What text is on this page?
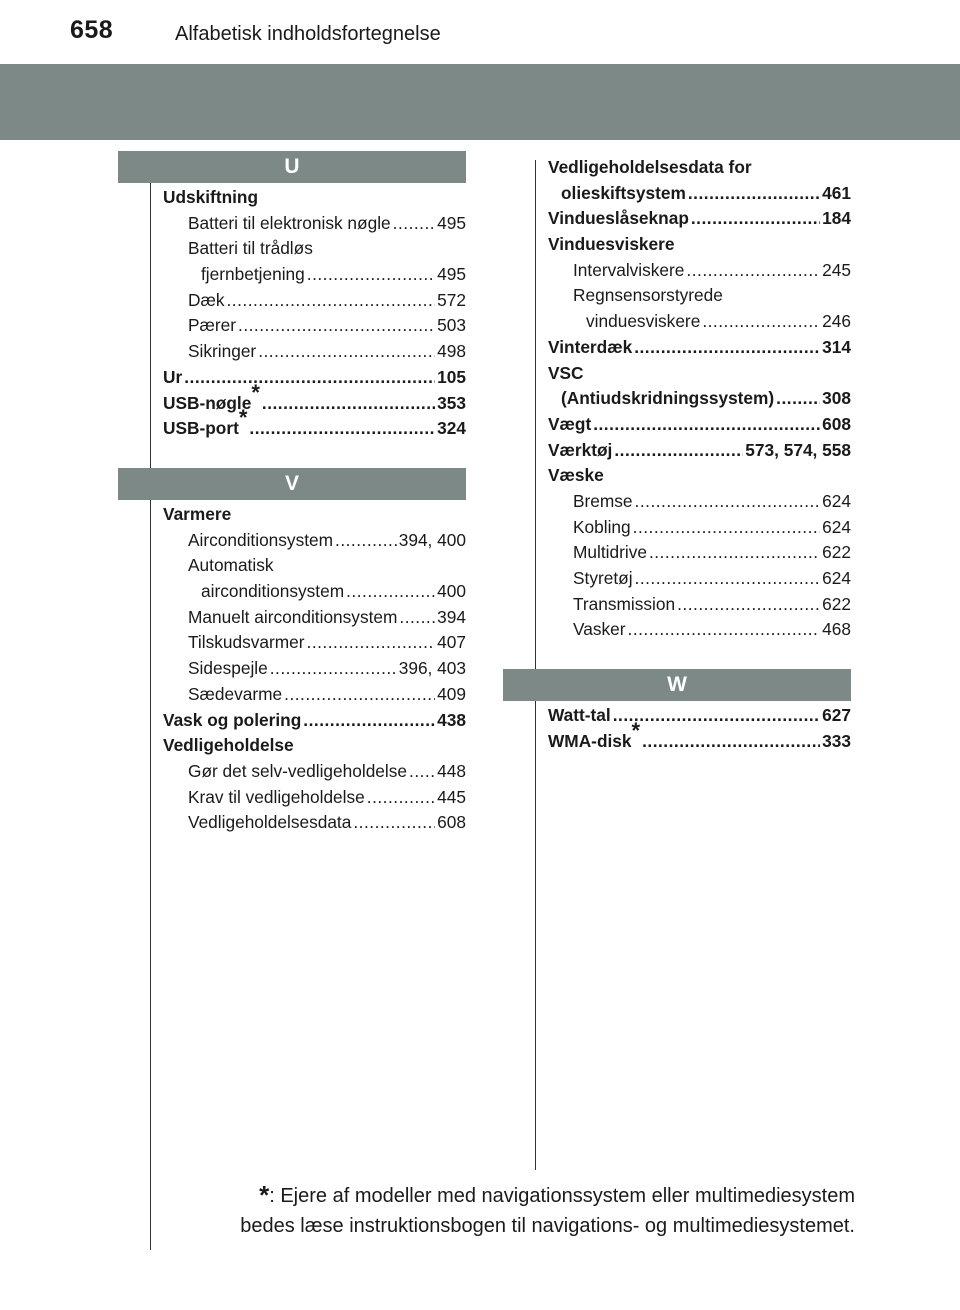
658	Alfabetisk indholdsfortegnelse
U
Udskiftning
Batteri til elektronisk nøgle .....	495
Batteri til trådløs
fjernbetjening .....	495
Dæk .....	572
Pærer .....	503
Sikringer .....	498
Ur .....	105
USB-nøgle* .....	353
USB-port* .....	324
V
Varmere
Airconditionsystem .....	394, 400
Automatisk
airconditionsystem .....	400
Manuelt airconditionsystem ..... 394
Tilskudsvarmer .....	407
Sidespejle .....	396, 403
Sædevarme .....	409
Vask og polering .....	438
Vedligeholdelse
Gør det selv-vedligeholdelse ..... 448
Krav til vedligeholdelse .....	445
Vedligeholdelsesdata .....	608
Vedligeholdelsesdata for
olieskiftsystem .....	461
Vindueslåseknap .....	184
Vinduesviskere
Intervalviskere .....	245
Regnsensorstyrede
vinduesviskere .....	246
Vinterdæk .....	314
VSC
(Antiudskridningssystem) .....	308
Vægt .....	608
Værktøj .....	573, 574, 558
Væske
Bremse .....	624
Kobling .....	624
Multidrive .....	622
Styretøj .....	624
Transmission .....	622
Vasker .....	468
W
Watt-tal .....	627
WMA-disk* .....	333
*: Ejere af modeller med navigationssystem eller multimediesystem
bedes læse instruktionsbogen til navigations- og multimediesystemet.
